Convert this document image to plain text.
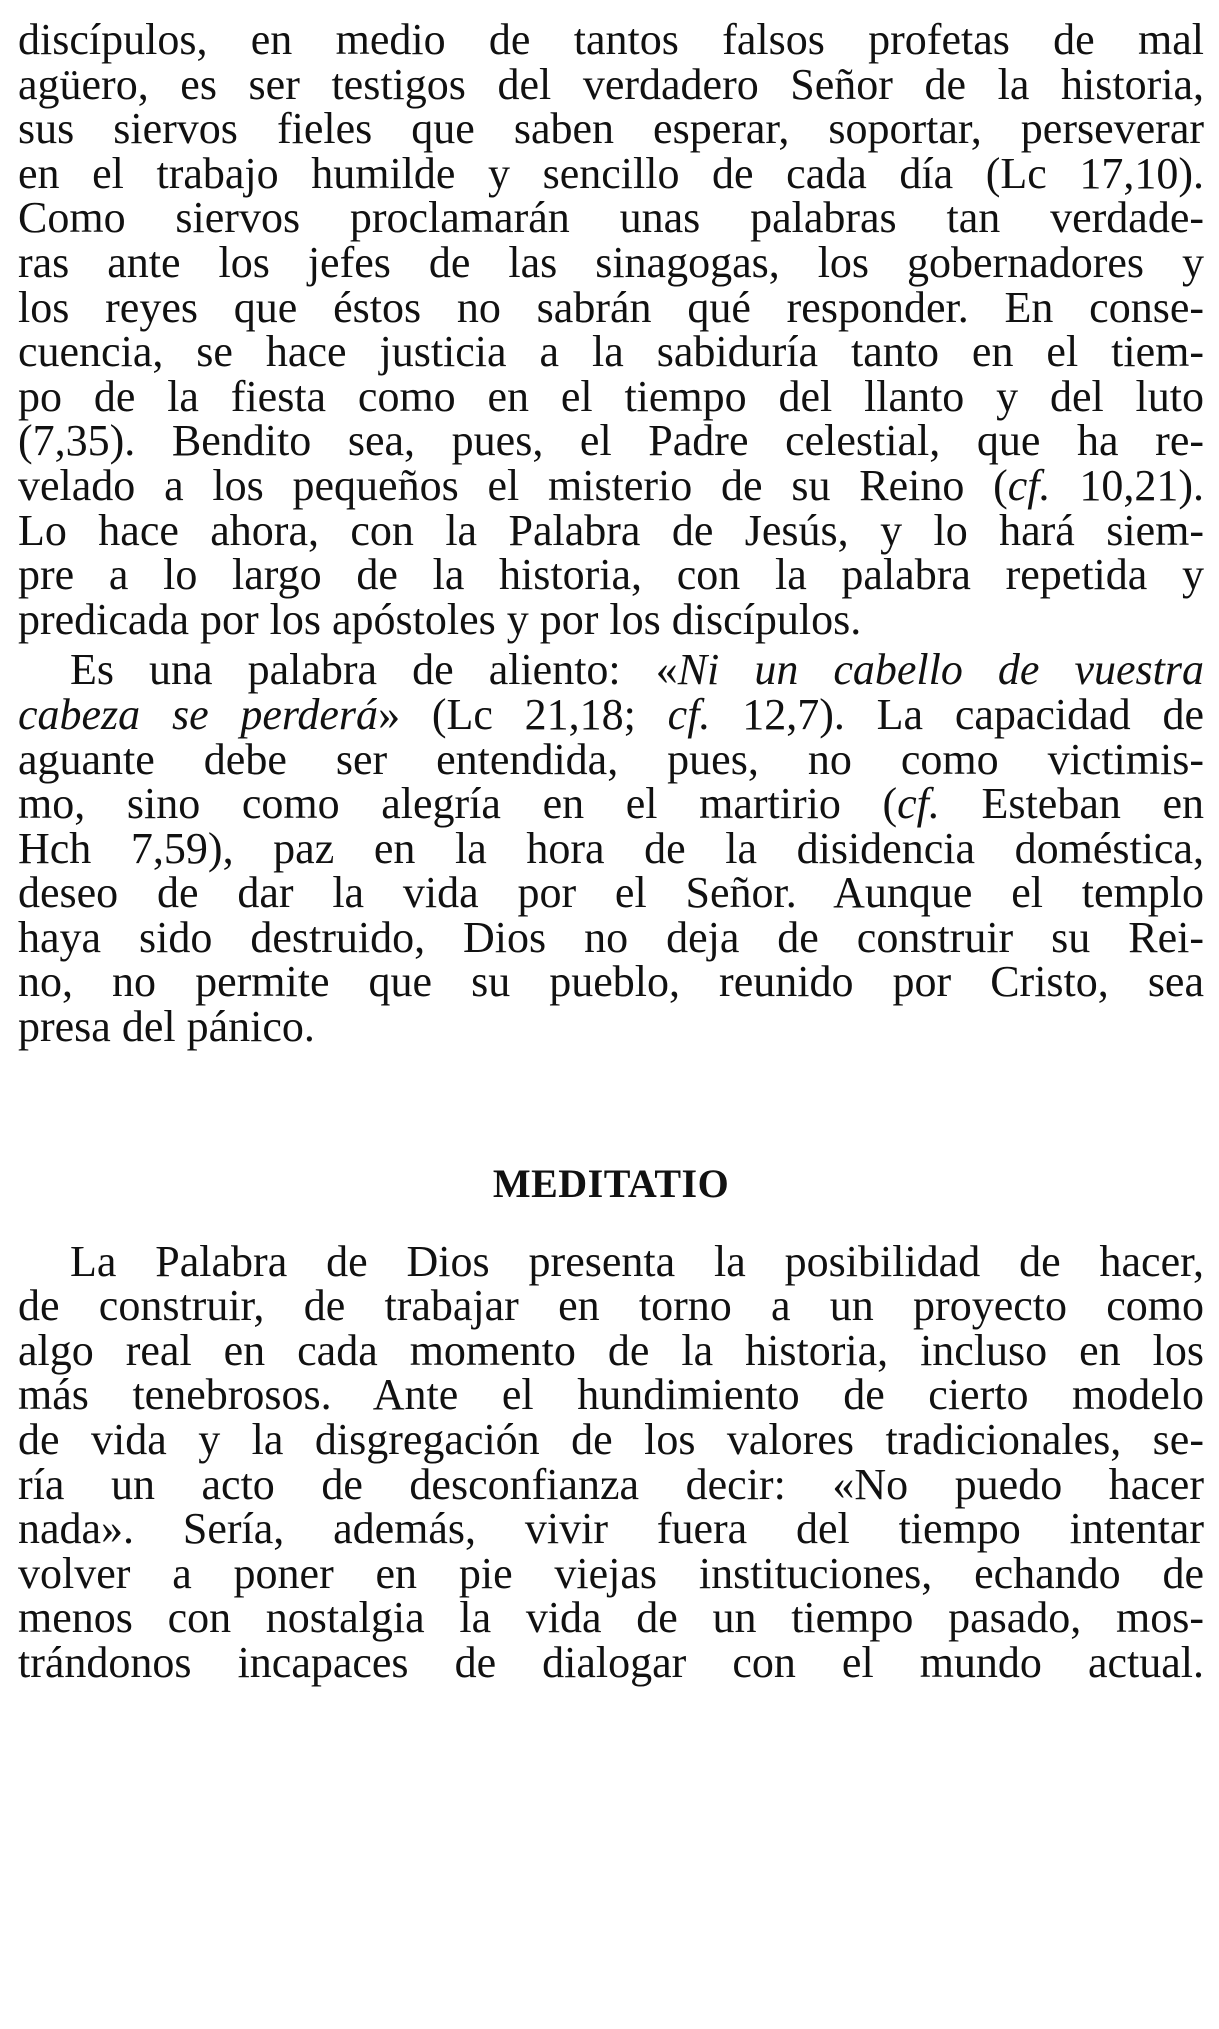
discípulos, en medio de tantos falsos profetas de mal
agüero, es ser testigos del verdadero Señor de la historia,
sus siervos fieles que saben esperar, soportar, perseverar
en el trabajo humilde y sencillo de cada día (Lc 17,10).
Como siervos proclamarán unas palabras tan verdade-
ras ante los jefes de las sinagogas, los gobernadores y
los reyes que éstos no sabrán qué responder. En conse-
cuencia, se hace justicia a la sabiduría tanto en el tiem-
po de la fiesta como en el tiempo del llanto y del luto
(7,35). Bendito sea, pues, el Padre celestial, que ha re-
velado a los pequeños el misterio de su Reino (cf. 10,21).
Lo hace ahora, con la Palabra de Jesús, y lo hará siem-
pre a lo largo de la historia, con la palabra repetida y
predicada por los apóstoles y por los discípulos.
Es una palabra de aliento: «Ni un cabello de vuestra
cabeza se perderá» (Lc 21,18; cf. 12,7). La capacidad de
aguante debe ser entendida, pues, no como victimis-
mo, sino como alegría en el martirio (cf. Esteban en
Hch 7,59), paz en la hora de la disidencia doméstica,
deseo de dar la vida por el Señor. Aunque el templo
haya sido destruido, Dios no deja de construir su Rei-
no, no permite que su pueblo, reunido por Cristo, sea
presa del pánico.
MEDITATIO
La Palabra de Dios presenta la posibilidad de hacer,
de construir, de trabajar en torno a un proyecto como
algo real en cada momento de la historia, incluso en los
más tenebrosos. Ante el hundimiento de cierto modelo
de vida y la disgregación de los valores tradicionales, se-
ría un acto de desconfianza decir: «No puedo hacer
nada». Sería, además, vivir fuera del tiempo intentar
volver a poner en pie viejas instituciones, echando de
menos con nostalgia la vida de un tiempo pasado, mos-
trándonos incapaces de dialogar con el mundo actual.
